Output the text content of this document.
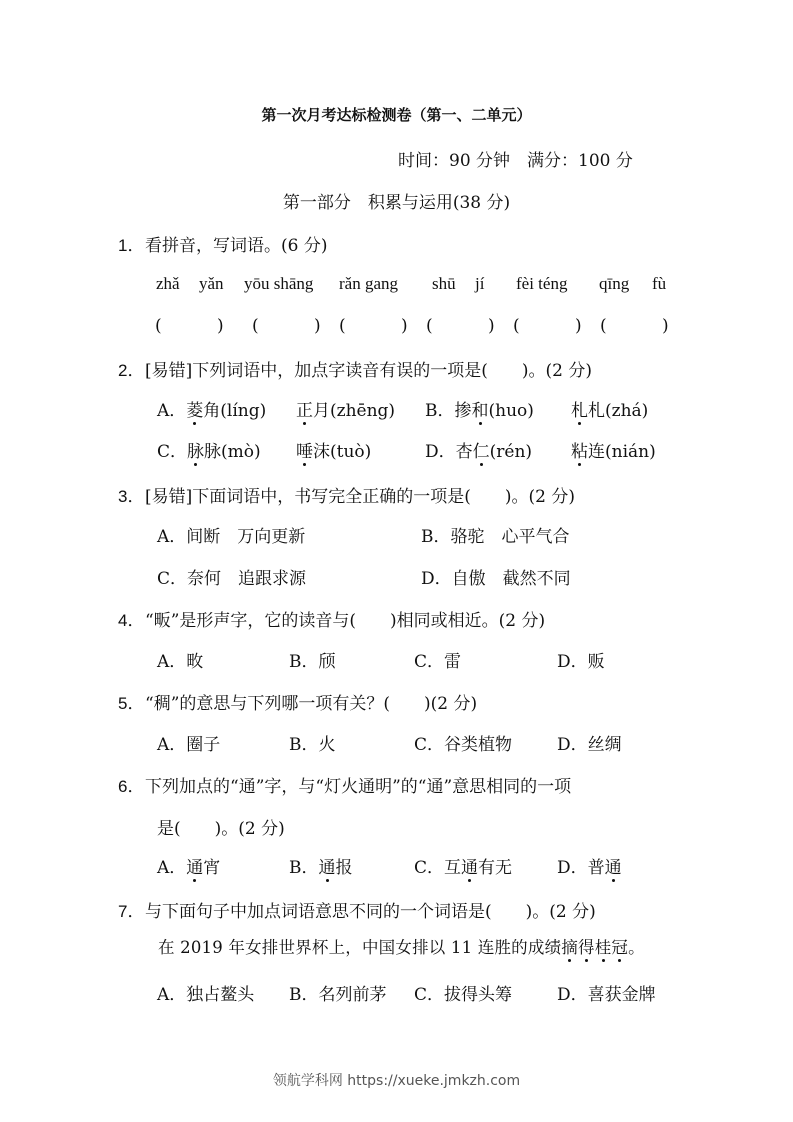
第一次月考达标检测卷（第一、二单元）
时间：90 分钟　满分：100 分
第一部分　积累与运用(38 分)
1．看拼音，写词语。(6 分)
zhǎ yǎn yōu shāng rǎn gang shū jí fèi téng qīng fù
(	) (	) (	) (	) (	) (	)
2．[易错]下列词语中，加点字读音有误的一项是(　　)。(2 分)
A．菱角(líng) 正月(zhēng) B．掺和(huo) 札札(zhá)
C．脉脉(mò) 唾沫(tuò)	D．杏仁(rén) 粘连(nián)
3．[易错]下面词语中，书写完全正确的一项是(　　)。(2 分)
A．间断　万向更新	B．骆驼　心平气合
C．奈何　追跟求源	D．自傲　截然不同
4．“畈”是形声字，它的读音与(　　)相同或相近。(2 分)
A．畋	B．颀	C．雷	D．贩
5．“稠”的意思与下列哪一项有关？(　　)(2 分)
A．圈子	B．火	C．谷类植物	D．丝绸
6．下列加点的“通”字，与“灯火通明”的“通”意思相同的一项
是(　　)。(2 分)
A．通宵	B．通报	C．互通有无	D．普通
7．与下面句子中加点词语意思不同的一个词语是(　　)。(2 分)
在 2019 年女排世界杯上，中国女排以 11 连胜的成绩摘得桂冠。
A．独占鳌头 B．名列前茅 C．拔得头筹	D．喜获金牌
领航学科网 https://xueke.jmkzh.com
